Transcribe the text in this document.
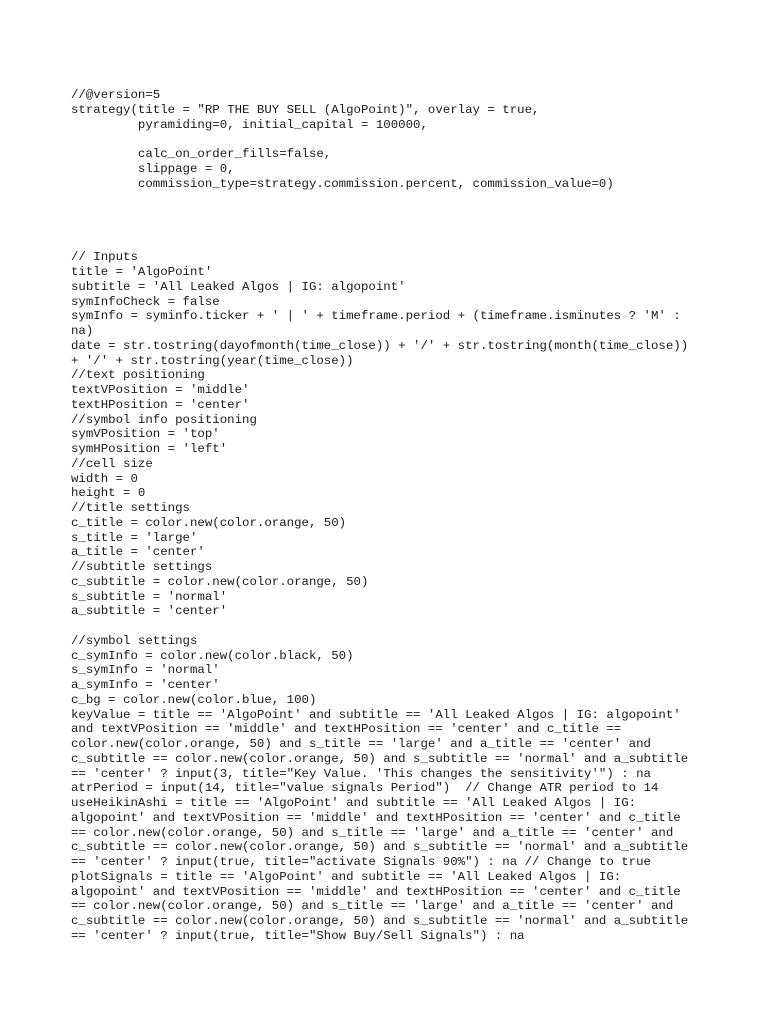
//@version=5
strategy(title = "RP THE BUY SELL (AlgoPoint)", overlay = true,
pyramiding=0, initial_capital = 100000,
calc_on_order_fills=false,
slippage = 0,
commission_type=strategy.commission.percent, commission_value=0)
// Inputs
title = 'AlgoPoint'
subtitle = 'All Leaked Algos | IG: algopoint'
symInfoCheck = false
symInfo = syminfo.ticker + ' | ' + timeframe.period + (timeframe.isminutes ? 'M' :
na)
date = str.tostring(dayofmonth(time_close)) + '/' + str.tostring(month(time_close))
+ '/' + str.tostring(year(time_close))
//text positioning
textVPosition = 'middle'
textHPosition = 'center'
//symbol info positioning
symVPosition = 'top'
symHPosition = 'left'
//cell size
width = 0
height = 0
//title settings
c_title = color.new(color.orange, 50)
s_title = 'large'
a_title = 'center'
//subtitle settings
c_subtitle = color.new(color.orange, 50)
s_subtitle = 'normal'
a_subtitle = 'center'
//symbol settings
c_symInfo = color.new(color.black, 50)
s_symInfo = 'normal'
a_symInfo = 'center'
c_bg = color.new(color.blue, 100)
keyValue = title == 'AlgoPoint' and subtitle == 'All Leaked Algos | IG: algopoint'
and textVPosition == 'middle' and textHPosition == 'center' and c_title ==
color.new(color.orange, 50) and s_title == 'large' and a_title == 'center' and
c_subtitle == color.new(color.orange, 50) and s_subtitle == 'normal' and a_subtitle
== 'center' ? input(3, title="Key Value. 'This changes the sensitivity'") : na
atrPeriod = input(14, title="value signals Period")  // Change ATR period to 14
useHeikinAshi = title == 'AlgoPoint' and subtitle == 'All Leaked Algos | IG:
algopoint' and textVPosition == 'middle' and textHPosition == 'center' and c_title
== color.new(color.orange, 50) and s_title == 'large' and a_title == 'center' and
c_subtitle == color.new(color.orange, 50) and s_subtitle == 'normal' and a_subtitle
== 'center' ? input(true, title="activate Signals 90%") : na // Change to true
plotSignals = title == 'AlgoPoint' and subtitle == 'All Leaked Algos | IG:
algopoint' and textVPosition == 'middle' and textHPosition == 'center' and c_title
== color.new(color.orange, 50) and s_title == 'large' and a_title == 'center' and
c_subtitle == color.new(color.orange, 50) and s_subtitle == 'normal' and a_subtitle
== 'center' ? input(true, title="Show Buy/Sell Signals") : na
